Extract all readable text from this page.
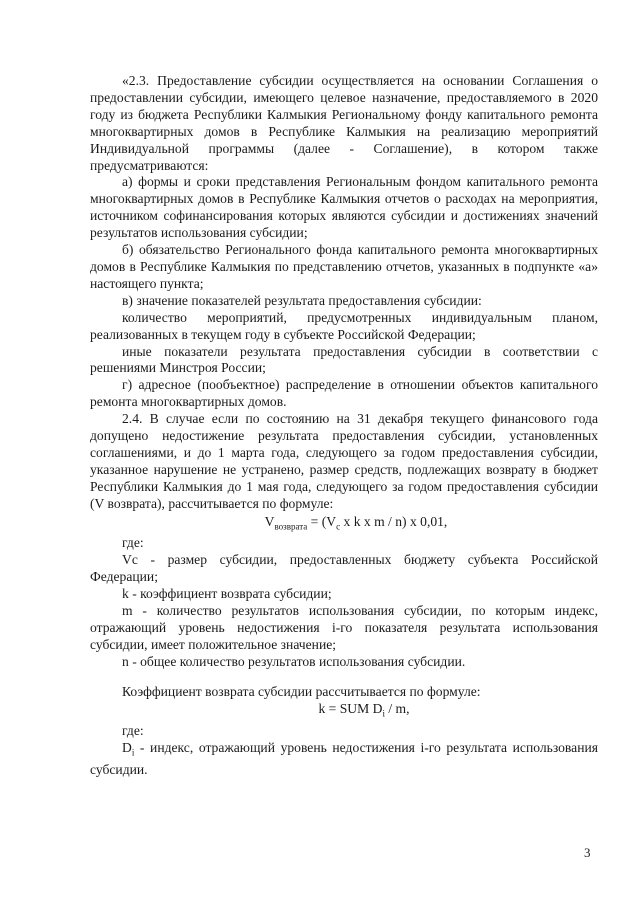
«2.3. Предоставление субсидии осуществляется на основании Соглашения о предоставлении субсидии, имеющего целевое назначение, предоставляемого в 2020 году из бюджета Республики Калмыкия Региональному фонду капитального ремонта многоквартирных домов в Республике Калмыкия на реализацию мероприятий Индивидуальной программы (далее - Соглашение), в котором также предусматриваются:

а) формы и сроки представления Региональным фондом капитального ремонта многоквартирных домов в Республике Калмыкия отчетов о расходах на мероприятия, источником софинансирования которых являются субсидии и достижениях значений результатов использования субсидии;

б) обязательство Регионального фонда капитального ремонта многоквартирных домов в Республике Калмыкия по представлению отчетов, указанных в подпункте «а» настоящего пункта;

в) значение показателей результата предоставления субсидии:

количество мероприятий, предусмотренных индивидуальным планом, реализованных в текущем году в субъекте Российской Федерации;

иные показатели результата предоставления субсидии в соответствии с решениями Минстроя России;

г) адресное (пообъектное) распределение в отношении объектов капитального ремонта многоквартирных домов.

2.4. В случае если по состоянию на 31 декабря текущего финансового года допущено недостижение результата предоставления субсидии, установленных соглашениями, и до 1 марта года, следующего за годом предоставления субсидии, указанное нарушение не устранено, размер средств, подлежащих возврату в бюджет Республики Калмыкия до 1 мая года, следующего за годом предоставления субсидии (V возврата), рассчитывается по формуле:

$V_{возврата} = (V_с$ x k x m / n) x 0,01,

где:

Vc - размер субсидии, предоставленных бюджету субъекта Российской Федерации;

k - коэффициент возврата субсидии;

m - количество результатов использования субсидии, по которым индекс, отражающий уровень недостижения i-го показателя результата использования субсидии, имеет положительное значение;

n - общее количество результатов использования субсидии.

Коэффициент возврата субсидии рассчитывается по формуле:

k = SUM $D_i$ / m,

где:

$D_i$ - индекс, отражающий уровень недостижения i-го результата использования субсидии.

3
